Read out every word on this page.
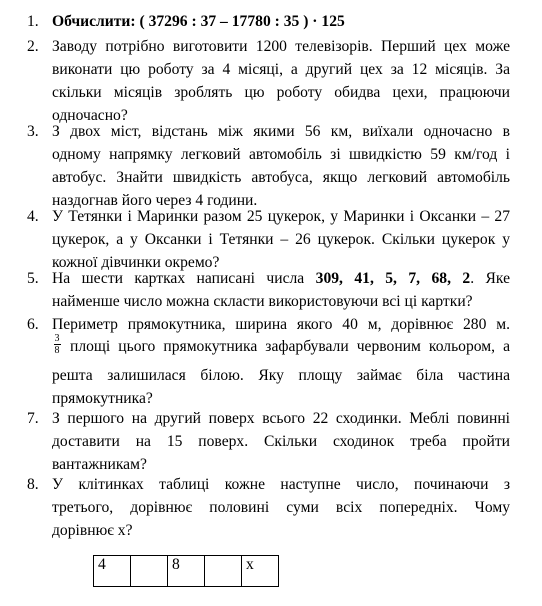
1. Обчислити: ( 37296 : 37 – 17780 : 35 ) · 125
2. Заводу потрібно виготовити 1200 телевізорів. Перший цех може
виконати цю роботу за 4 місяці, а другий цех за 12 місяців. За
скільки місяців зроблять цю роботу обидва цехи, працюючи
одночасно?
3. З двох міст, відстань між якими 56 км, виїхали одночасно в
одному напрямку легковий автомобіль зі швидкістю 59 км/год і
автобус. Знайти швидкість автобуса, якщо легковий автомобіль
наздогнав його через 4 години.
4. У Тетянки і Маринки разом 25 цукерок, у Маринки і Оксанки – 27
цукерок, а у Оксанки і Тетянки – 26 цукерок. Скільки цукерок у
кожної дівчинки окремо?
5. На шести картках написані числа 309, 41, 5, 7, 68, 2. Яке
найменше число можна скласти використовуючи всі ці картки?
6. Периметр прямокутника, ширина якого 40 м, дорівнює 280 м.
3
8 площі цього прямокутника зафарбували червоним кольором, а
решта залишилася білою. Яку площу займає біла частина
прямокутника?
7. З першого на другий поверх всього 22 сходинки. Меблі повинні
доставити на 15 поверх. Скільки сходинок треба пройти
вантажникам?
8. У клітинках таблиці кожне наступне число, починаючи з
третього, дорівнює половині суми всіх попередніх. Чому
дорівнює х?
4		8		x
